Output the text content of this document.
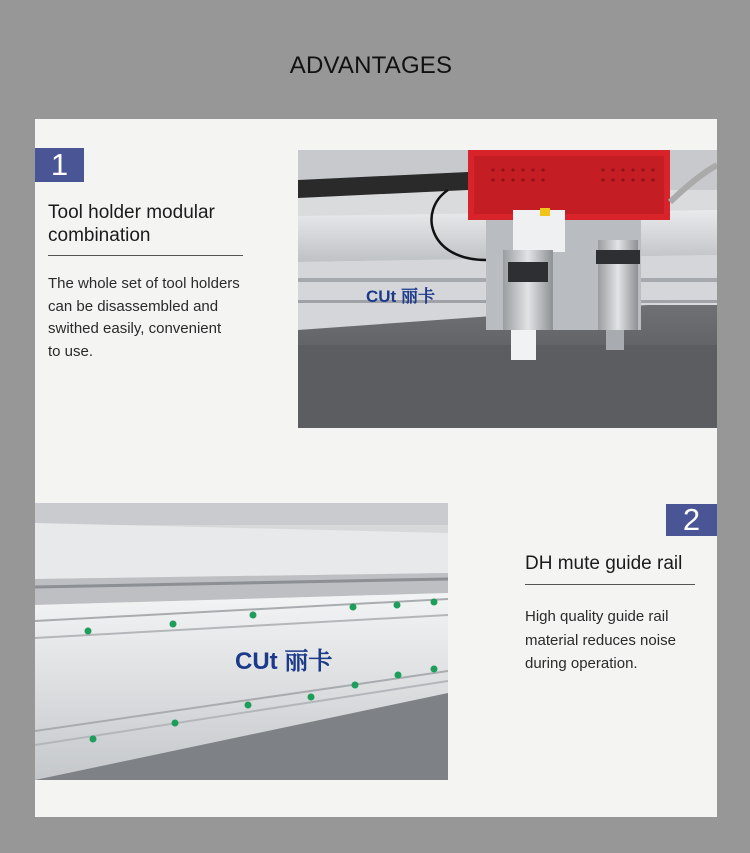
ADVANTAGES
1
Tool holder modular
combination
The whole set of tool holders
can be disassembled and
swithed easily, convenient
to use.
CUt 丽卡
2
DH mute guide rail
High quality guide rail
material reduces noise
during operation.
CUt 丽卡
